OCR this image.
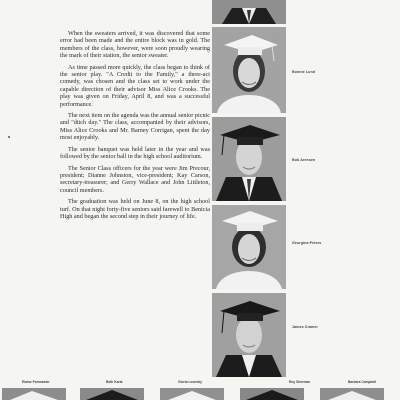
When the sweaters arrived, it was discovered that some error had been made and the entire block was in gold. The members of the class, however, were soon proudly wearing the mark of their station, the senior sweater.

As time passed more quickly, the class began to think of the senior play. "A Credit to the Family," a three-act comedy, was chosen and the class set to work under the capable direction of their advisor Miss Alice Crooks. The play was given on Friday, April 8, and was a successful performance.

The next item on the agenda was the annual senior picnic and "ditch day." The class, accompanied by their advisors, Miss Alice Crooks and Mr. Barney Corrigan, spent the day most enjoyably.

The senior banquet was held later in the year and was followed by the senior ball in the high school auditorium.

The Senior Class officers for the year were Jim Precour, president; Dianne Johnston, vice-president; Kay Carson, secretary-treasurer; and Gerry Wallace and John Littleton, council members.

The graduation was held on June 8, on the high school turf. On that night forty-five seniors said farewell to Benicia High and began the second step in their journey of life.

Bonnie Lund
Bob Arensen
Georgina Peters
James Cramer
Elaine Ponmaster	Beth Karla	Gloria Lovenby	Roy Sherman	Barbara Campbell
